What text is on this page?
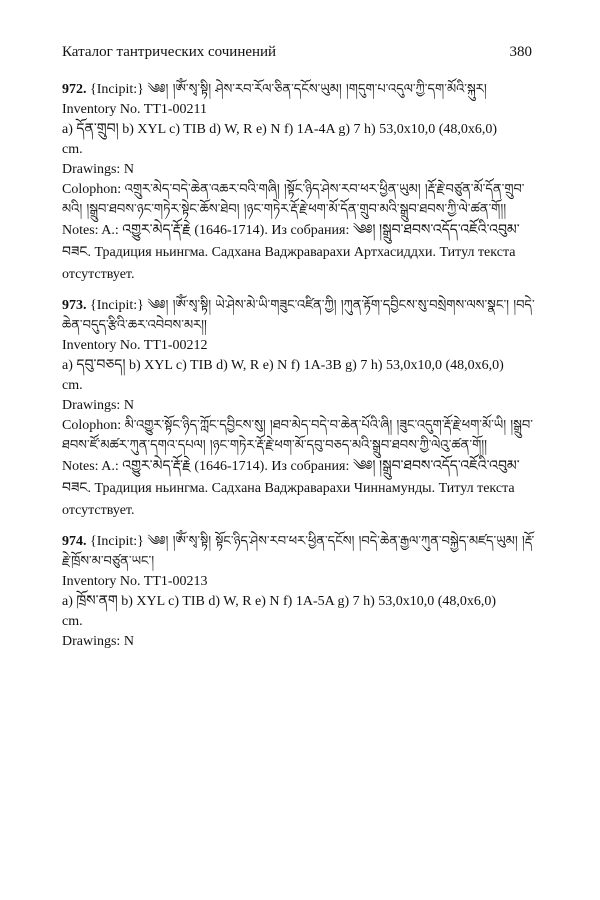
Каталог тантрических сочинений	380

972. {Incipit:} ༄༅། །ཨོཾ་སྭ་སྟི། ཤེས་རབ་རོལ་ཅིན་དངོས་ཡུམ། །གདུག་པ་འདུལ་ཀྱི་དག་མོའི་སྐུར།

Inventory No. TT1-00211

a) དོན་གྲུབ། b) XYL c) TIB d) W, R e) N f) 1A-4A g) 7 h) 53,0x10,0 (48,0x6,0)

cm.

Drawings: N

Colophon: འགྲུར་མེད་བདེ་ཆེན་འཆར་བའི་གཞི། །སྟོང་ཉིད་ཤེས་རབ་ཕར་ཕྱིན་ཡུམ། །རྡོ་རྗེ་བཙུན་མོ་དོན་གྲུབ་མའི། །སྒྲུབ་ཐབས་ཉང་གཏེར་སྟེང་ཆོས་ཐེབ། །ཉང་གཏེར་རྡོ་རྗེ་ཕག་མོ་དོན་གྲུབ་མའི་སྒྲུབ་ཐབས་ཀྱི་ལེ་ཚན་གོ།།

Notes: A.: འགྱུར་མེད་རྡོ་རྗེ (1646-1714). Из собрания: ༄༅། །སྒྲུབ་ཐབས་འདོད་འཇོའི་འབུམ་བཟང. Традиция ньингма. Садхана Ваджраварахи Артхасиддхи. Титул текста отсутствует.

973. {Incipit:} ༄༅། །ཨོཾ་སྭ་སྟི། ཡེ་ཤེས་མེ་ཡི་གཟུང་འཛིན་ཀྱི། །ཀུན་རྟོག་དབྱིངས་སུ་བསྲེགས་ལས་སྣང་། །བདེ་ཆེན་བདུད་རྩིའི་ཆར་འབེབས་མར།།

Inventory No. TT1-00212

a) དབུ་བཅད། b) XYL c) TIB d) W, R e) N f) 1A-3B g) 7 h) 53,0x10,0 (48,0x6,0)

cm.

Drawings: N

Colophon: མི་འགྱུར་སྟོང་ཉིད་ཀློང་དབྱིངས་སུ། །ཐབ་མེད་བདེ་བ་ཆེན་པོའི་ཞི། །ཟུང་འདུག་རྡོ་རྗེ་ཕག་མོ་ཡི། །སྒྲུབ་ཐབས་ཛོ་མཚར་ཀུན་དགའ་དཔལ། །ཉང་གཏེར་རྡོ་རྗེ་ཕག་མོ་དབུ་བཅད་མའི་སྒྲུབ་ཐབས་ཀྱི་ལེའུ་ཚན་གོ།།

Notes: A.: འགྱུར་མེད་རྡོ་རྗེ (1646-1714). Из собрания: ༄༅། །སྒྲུབ་ཐབས་འདོད་འཇོའི་འབུམ་བཟང. Традиция ньингма. Садхана Ваджраварахи Чиннамунды. Титул текста отсутствует.

974. {Incipit:} ༄༅། །ཨོཾ་སྭ་སྟི། སྟོང་ཉིད་ཤེས་རབ་ཕར་ཕྱིན་དངོས། །བདེ་ཆེན་རྒྱལ་ཀུན་བསྐྱེད་མཛད་ཡུམ། །རྡོ་རྗེ་ཁྲོས་མ་བཙུན་ཡང་།

Inventory No. TT1-00213

a) ཁྲོས་ནག b) XYL c) TIB d) W, R e) N f) 1A-5A g) 7 h) 53,0x10,0 (48,0x6,0)

cm.

Drawings: N
